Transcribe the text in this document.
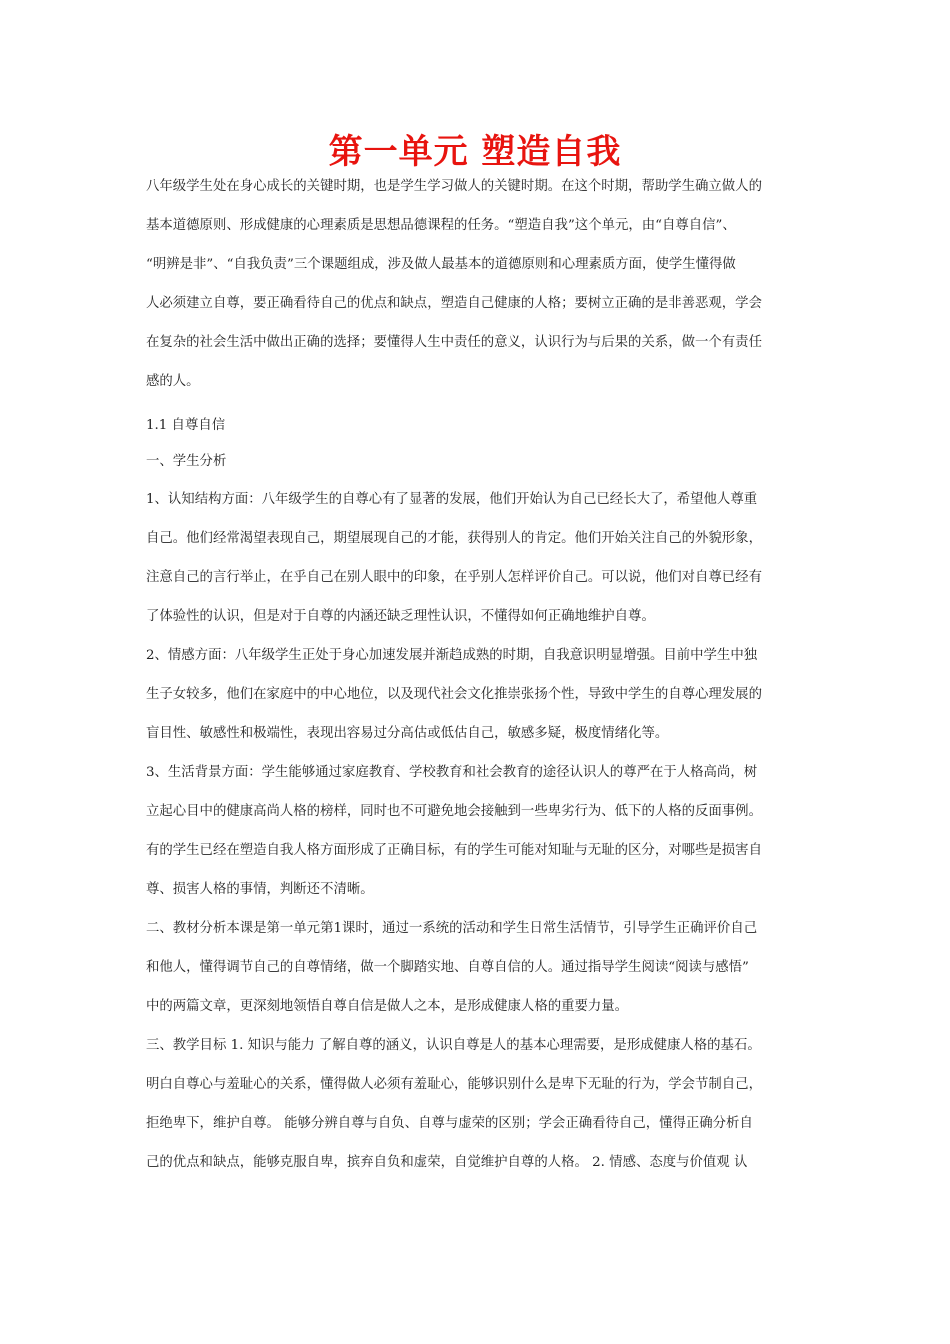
第一单元 塑造自我
八年级学生处在身心成长的关键时期，也是学生学习做人的关键时期。在这个时期，帮助学生确立做人的
基本道德原则、形成健康的心理素质是思想品德课程的任务。“塑造自我”这个单元，由“自尊自信”、
“明辨是非”、“自我负责”三个课题组成，涉及做人最基本的道德原则和心理素质方面，使学生懂得做
人必须建立自尊，要正确看待自己的优点和缺点，塑造自己健康的人格；要树立正确的是非善恶观，学会
在复杂的社会生活中做出正确的选择；要懂得人生中责任的意义，认识行为与后果的关系，做一个有责任
感的人。
1.1 自尊自信
一、学生分析
1、认知结构方面：八年级学生的自尊心有了显著的发展，他们开始认为自己已经长大了，希望他人尊重
自己。他们经常渴望表现自己，期望展现自己的才能，获得别人的肯定。他们开始关注自己的外貌形象，
注意自己的言行举止，在乎自己在别人眼中的印象，在乎别人怎样评价自己。可以说，他们对自尊已经有
了体验性的认识，但是对于自尊的内涵还缺乏理性认识，不懂得如何正确地维护自尊。
2、情感方面：八年级学生正处于身心加速发展并渐趋成熟的时期，自我意识明显增强。目前中学生中独
生子女较多，他们在家庭中的中心地位，以及现代社会文化推崇张扬个性，导致中学生的自尊心理发展的
盲目性、敏感性和极端性，表现出容易过分高估或低估自己，敏感多疑，极度情绪化等。
3、生活背景方面：学生能够通过家庭教育、学校教育和社会教育的途径认识人的尊严在于人格高尚，树
立起心目中的健康高尚人格的榜样，同时也不可避免地会接触到一些卑劣行为、低下的人格的反面事例。
有的学生已经在塑造自我人格方面形成了正确目标，有的学生可能对知耻与无耻的区分，对哪些是损害自
尊、损害人格的事情，判断还不清晰。
二、教材分析本课是第一单元第1课时，通过一系统的活动和学生日常生活情节，引导学生正确评价自己
和他人，懂得调节自己的自尊情绪，做一个脚踏实地、自尊自信的人。通过指导学生阅读“阅读与感悟”
中的两篇文章，更深刻地领悟自尊自信是做人之本，是形成健康人格的重要力量。
三、教学目标 1. 知识与能力 了解自尊的涵义，认识自尊是人的基本心理需要，是形成健康人格的基石。
明白自尊心与羞耻心的关系，懂得做人必须有羞耻心，能够识别什么是卑下无耻的行为，学会节制自己，
拒绝卑下，维护自尊。 能够分辨自尊与自负、自尊与虚荣的区别；学会正确看待自己，懂得正确分析自
己的优点和缺点，能够克服自卑，摈弃自负和虚荣，自觉维护自尊的人格。 2. 情感、态度与价值观 认
